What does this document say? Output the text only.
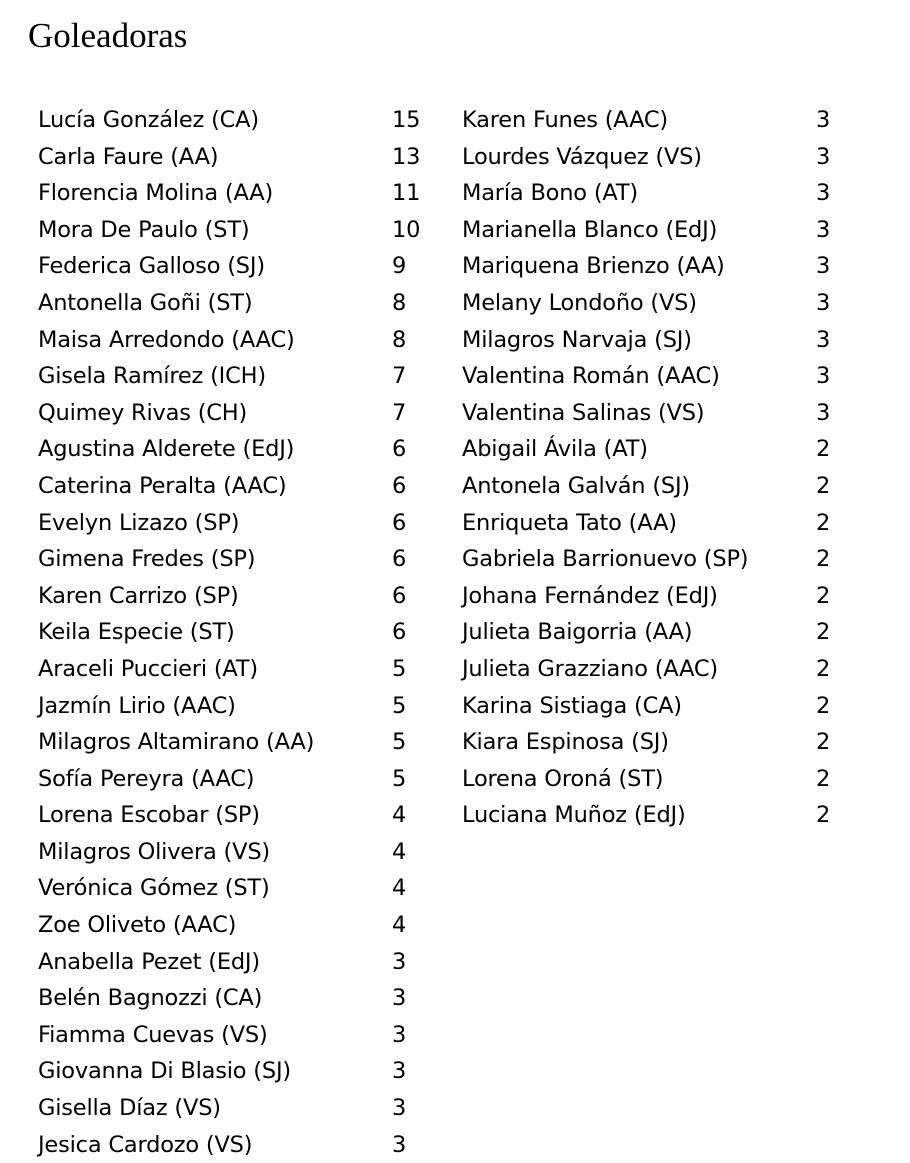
Goleadoras
Lucía González (CA)	15
Carla Faure (AA)	13
Florencia Molina (AA)	11
Mora De Paulo (ST)	10
Federica Galloso (SJ)	9
Antonella Goñi (ST)	8
Maisa Arredondo (AAC)	8
Gisela Ramírez (ICH)	7
Quimey Rivas (CH)	7
Agustina Alderete (EdJ)	6
Caterina Peralta (AAC)	6
Evelyn Lizazo (SP)	6
Gimena Fredes (SP)	6
Karen Carrizo (SP)	6
Keila Especie (ST)	6
Araceli Puccieri (AT)	5
Jazmín Lirio (AAC)	5
Milagros Altamirano (AA)	5
Sofía Pereyra (AAC)	5
Lorena Escobar (SP)	4
Milagros Olivera (VS)	4
Verónica Gómez (ST)	4
Zoe Oliveto (AAC)	4
Anabella Pezet (EdJ)	3
Belén Bagnozzi (CA)	3
Fiamma Cuevas (VS)	3
Giovanna Di Blasio (SJ)	3
Gisella Díaz (VS)	3
Jesica Cardozo (VS)	3
Karen Funes (AAC)	3
Lourdes Vázquez (VS)	3
María Bono (AT)	3
Marianella Blanco (EdJ)	3
Mariquena Brienzo (AA)	3
Melany Londoño (VS)	3
Milagros Narvaja (SJ)	3
Valentina Román (AAC)	3
Valentina Salinas (VS)	3
Abigail Ávila (AT)	2
Antonela Galván (SJ)	2
Enriqueta Tato (AA)	2
Gabriela Barrionuevo (SP)	2
Johana Fernández (EdJ)	2
Julieta Baigorria (AA)	2
Julieta Grazziano (AAC)	2
Karina Sistiaga (CA)	2
Kiara Espinosa (SJ)	2
Lorena Oroná (ST)	2
Luciana Muñoz (EdJ)	2
